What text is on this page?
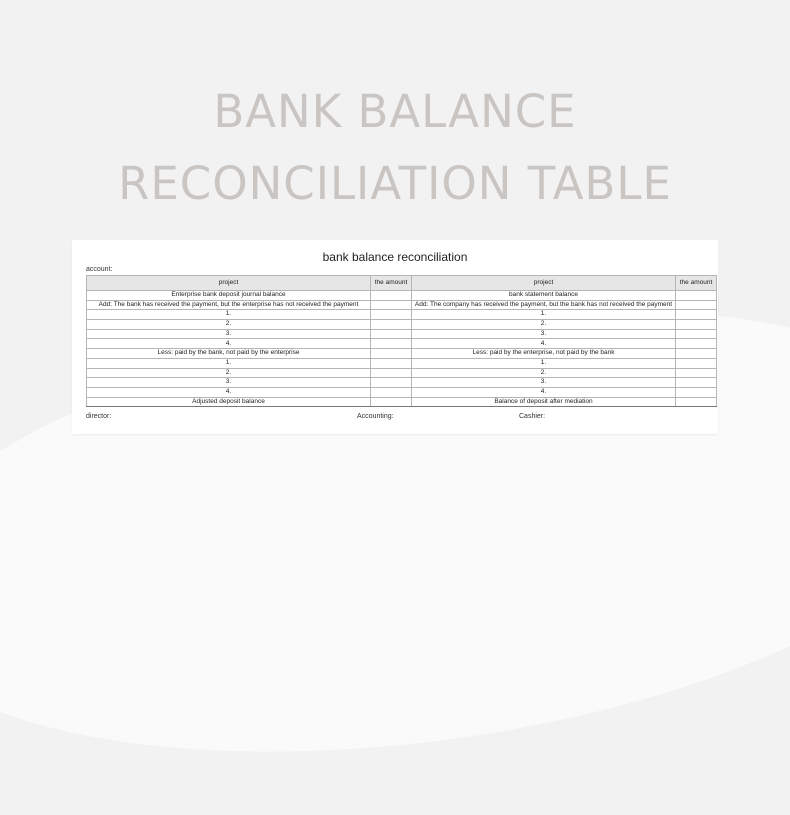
BANK BALANCE
RECONCILIATION TABLE
bank balance reconciliation
account:
project	the amount	project	the amount
Enterprise bank deposit journal balance		bank statement balance	
Add: The bank has received the payment, but the enterprise has not received the payment		Add: The company has received the payment, but the bank has not received the payment	
1.		1.	
2.		2.	
3.		3.	
4.		4.	
Less: paid by the bank, not paid by the enterprise		Less: paid by the enterprise, not paid by the bank	
1.		1.	
2.		2.	
3.		3.	
4.		4.	
Adjusted deposit balance		Balance of deposit after mediation	
director:	Accounting:	Cashier:
